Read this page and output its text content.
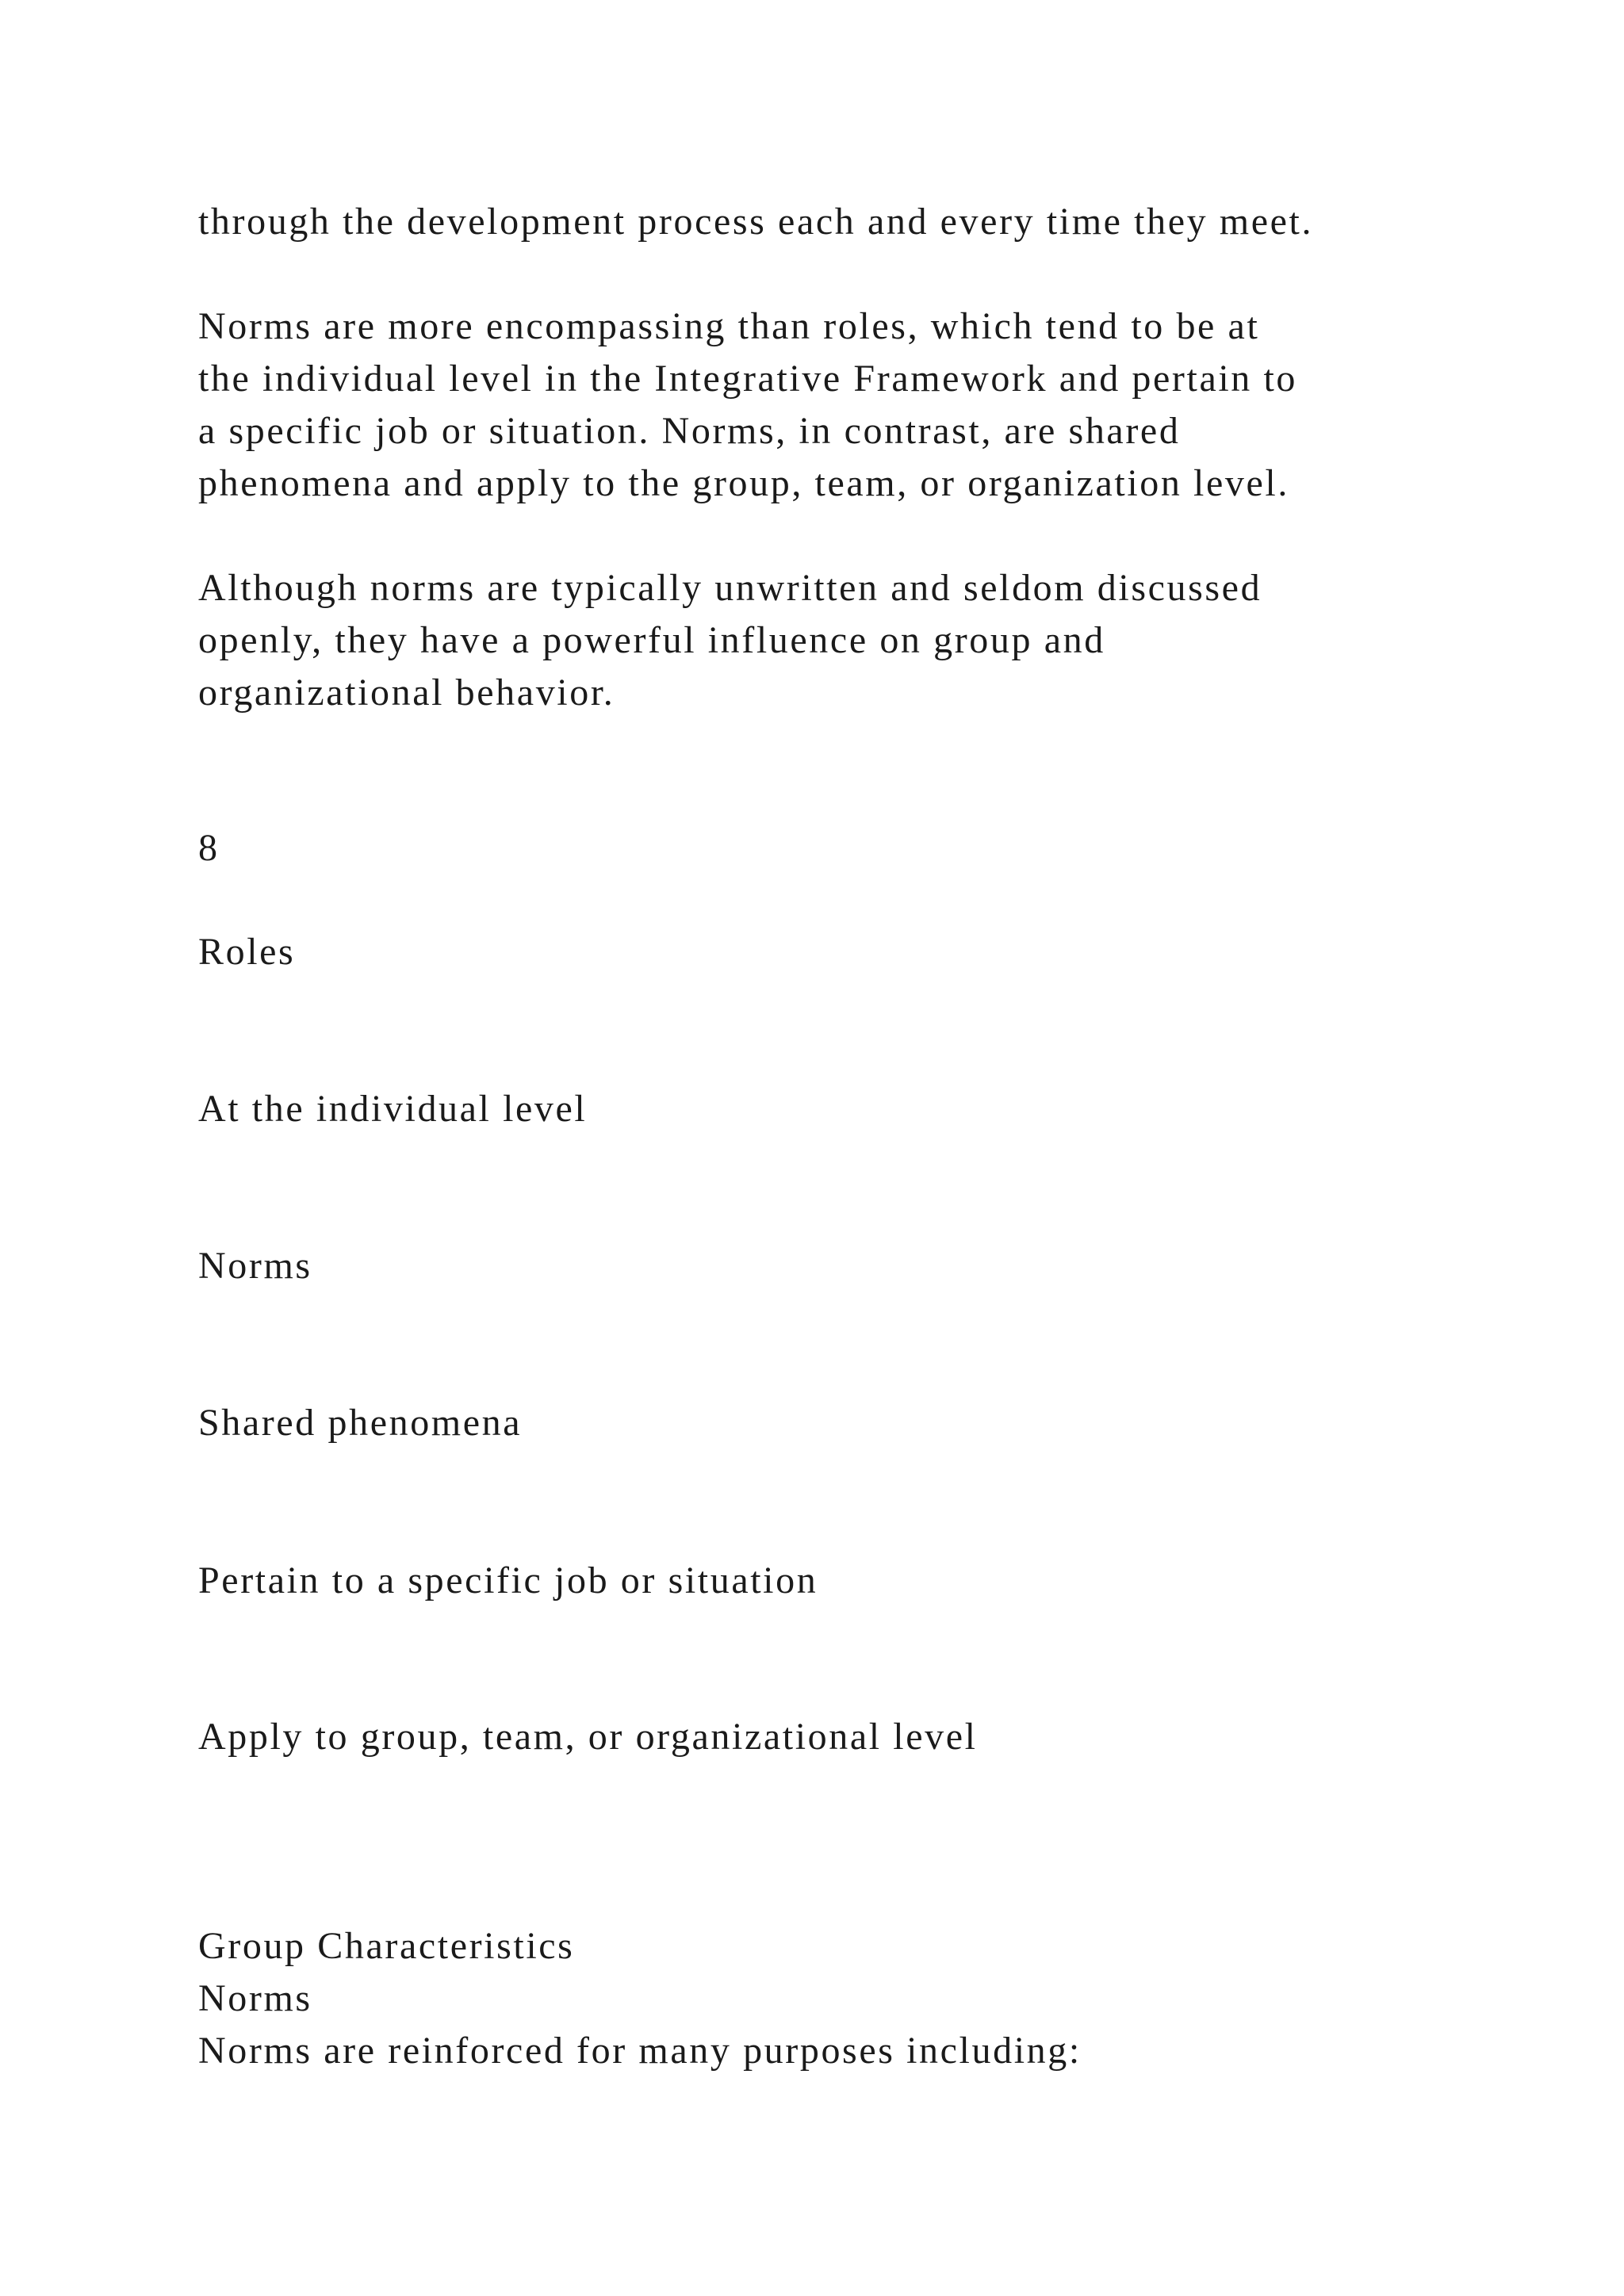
through the development process each and every time they meet.
Norms are more encompassing than roles, which tend to be at
the individual level in the Integrative Framework and pertain to
a specific job or situation. Norms, in contrast, are shared
phenomena and apply to the group, team, or organization level.
Although norms are typically unwritten and seldom discussed
openly, they have a powerful influence on group and
organizational behavior.
8
Roles
At the individual level
Norms
Shared phenomena
Pertain to a specific job or situation
Apply to group, team, or organizational level
Group Characteristics
Norms
Norms are reinforced for many purposes including:
